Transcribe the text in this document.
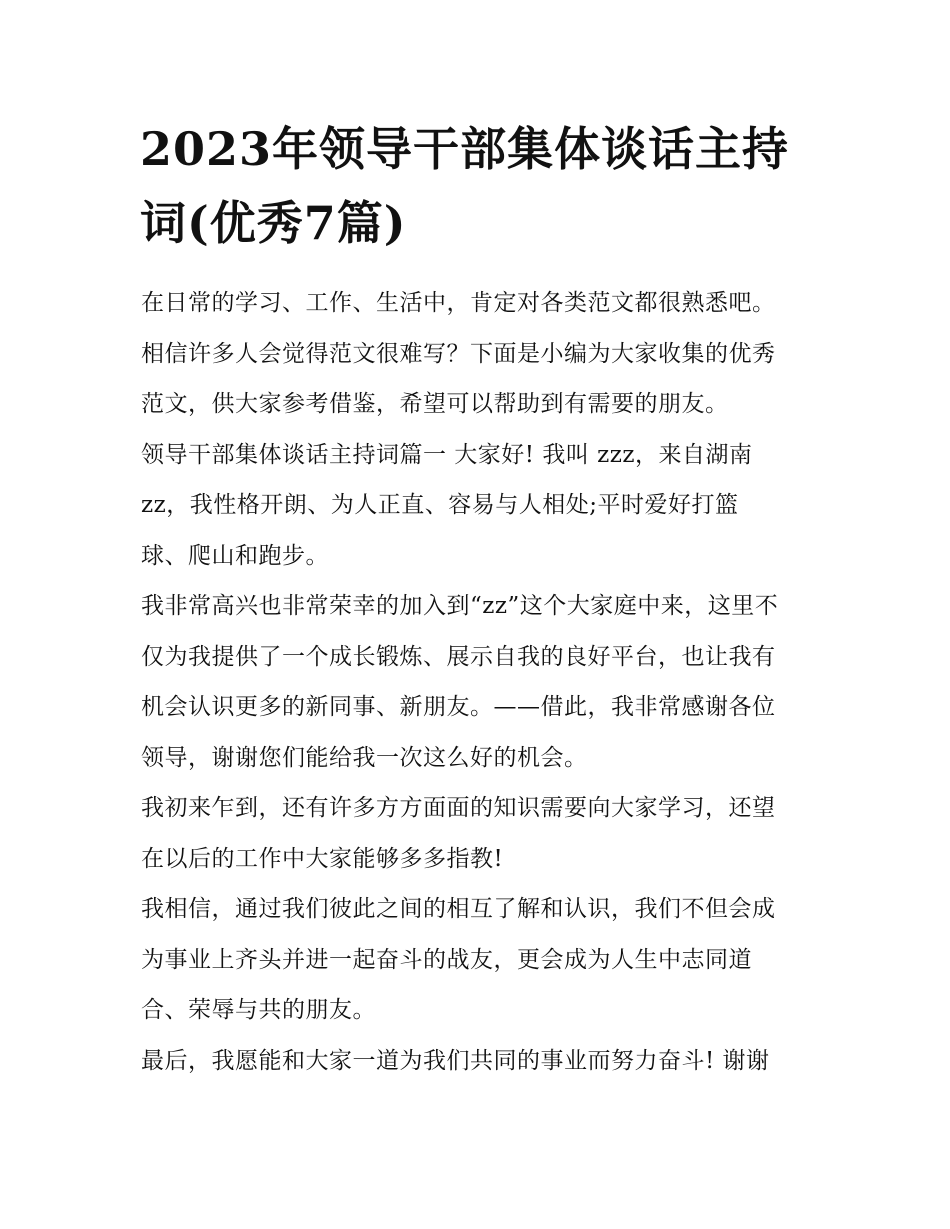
2023年领导干部集体谈话主持
词(优秀7篇)

在日常的学习、工作、生活中，肯定对各类范文都很熟悉吧。
相信许多人会觉得范文很难写？下面是小编为大家收集的优秀
范文，供大家参考借鉴，希望可以帮助到有需要的朋友。

领导干部集体谈话主持词篇一 大家好! 我叫 zzz，来自湖南
zz，我性格开朗、为人正直、容易与人相处;平时爱好打篮
球、爬山和跑步。

我非常高兴也非常荣幸的加入到“zz”这个大家庭中来，这里不
仅为我提供了一个成长锻炼、展示自我的良好平台，也让我有
机会认识更多的新同事、新朋友。——借此，我非常感谢各位
领导，谢谢您们能给我一次这么好的机会。

我初来乍到，还有许多方方面面的知识需要向大家学习，还望
在以后的工作中大家能够多多指教!

我相信，通过我们彼此之间的相互了解和认识，我们不但会成
为事业上齐头并进一起奋斗的战友，更会成为人生中志同道
合、荣辱与共的朋友。

最后，我愿能和大家一道为我们共同的事业而努力奋斗! 谢谢
